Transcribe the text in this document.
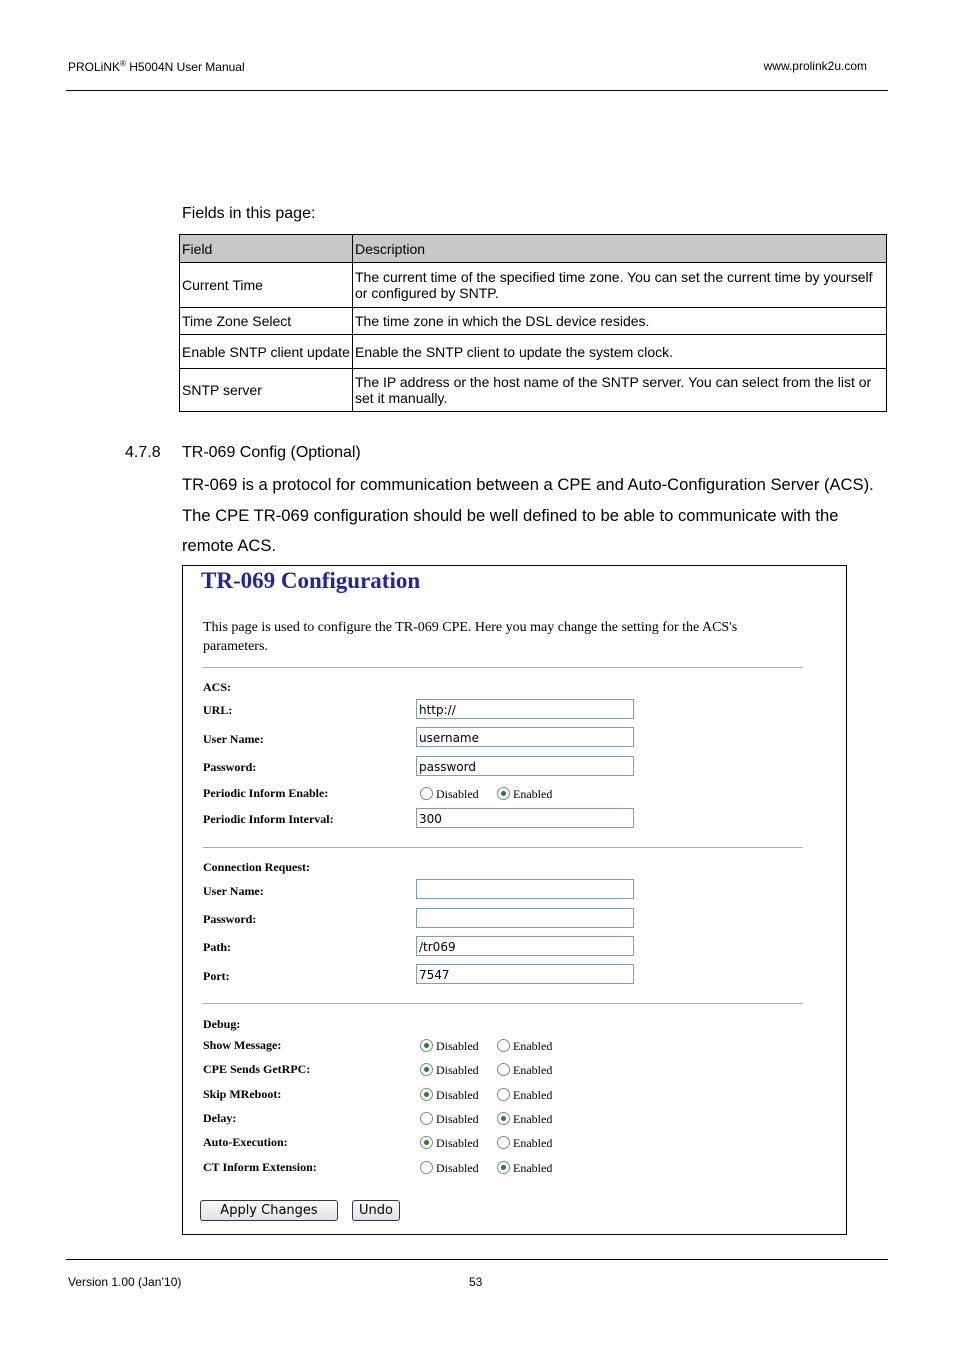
PROLiNK® H5004N User Manual	www.prolink2u.com
Fields in this page:
Field	Description
Current Time	The current time of the specified time zone. You can set the current time by yourself or configured by SNTP.
Time Zone Select	The time zone in which the DSL device resides.
Enable SNTP client update	Enable the SNTP client to update the system clock.
SNTP server	The IP address or the host name of the SNTP server. You can select from the list or set it manually.
4.7.8 TR-069 Config (Optional)
TR-069 is a protocol for communication between a CPE and Auto-Configuration Server (ACS). The CPE TR-069 configuration should be well defined to be able to communicate with the remote ACS.
TR-069 Configuration
This page is used to configure the TR-069 CPE. Here you may change the setting for the ACS's parameters.
ACS:
URL:	http://
User Name:	username
Password:	password
Periodic Inform Enable:	Disabled	Enabled
Periodic Inform Interval:	300
Connection Request:
User Name:
Password:
Path:	/tr069
Port:	7547
Debug:
Show Message:	Disabled	Enabled
CPE Sends GetRPC:	Disabled	Enabled
Skip MReboot:	Disabled	Enabled
Delay:	Disabled	Enabled
Auto-Execution:	Disabled	Enabled
CT Inform Extension:	Disabled	Enabled
Apply Changes	Undo
Version 1.00 (Jan’10)	53
